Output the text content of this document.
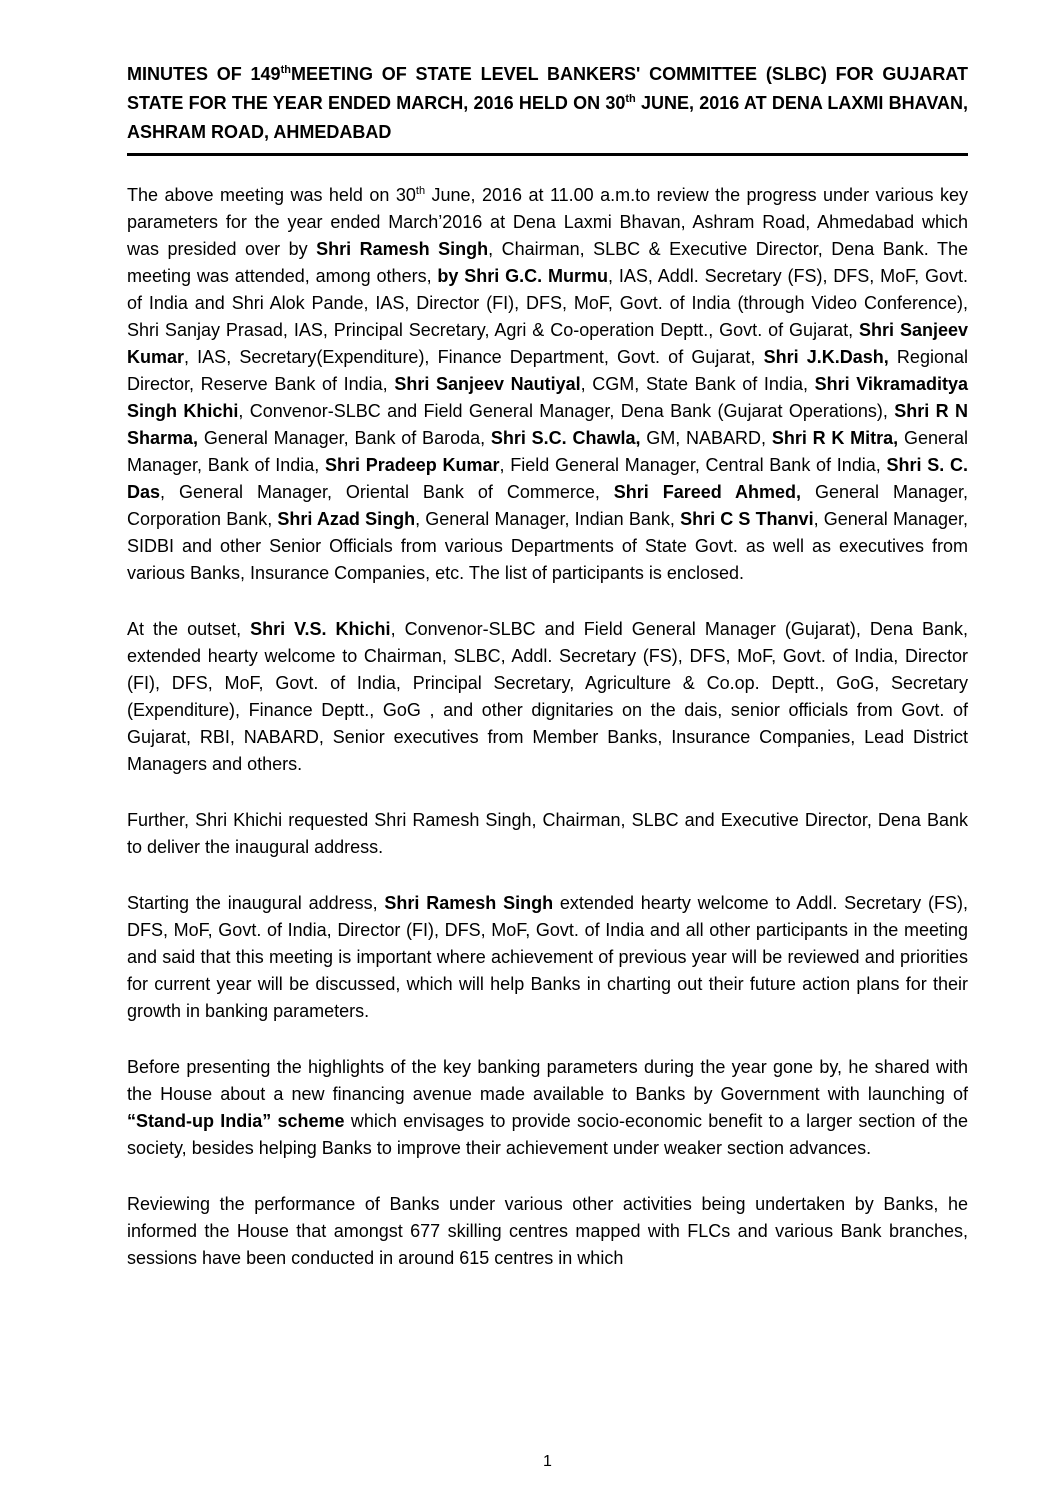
MINUTES OF 149thMEETING OF STATE LEVEL BANKERS' COMMITTEE (SLBC) FOR GUJARAT STATE FOR THE YEAR ENDED MARCH, 2016 HELD ON 30th JUNE, 2016 AT DENA LAXMI BHAVAN, ASHRAM ROAD, AHMEDABAD

The above meeting was held on 30th June, 2016 at 11.00 a.m.to review the progress under various key parameters for the year ended March’2016 at Dena Laxmi Bhavan, Ashram Road, Ahmedabad which was presided over by Shri Ramesh Singh, Chairman, SLBC & Executive Director, Dena Bank. The meeting was attended, among others, by Shri G.C. Murmu, IAS, Addl. Secretary (FS), DFS, MoF, Govt. of India and Shri Alok Pande, IAS, Director (FI), DFS, MoF, Govt. of India (through Video Conference), Shri Sanjay Prasad, IAS, Principal Secretary, Agri & Co-operation Deptt., Govt. of Gujarat, Shri Sanjeev Kumar, IAS, Secretary(Expenditure), Finance Department, Govt. of Gujarat, Shri J.K.Dash, Regional Director, Reserve Bank of India, Shri Sanjeev Nautiyal, CGM, State Bank of India, Shri Vikramaditya Singh Khichi, Convenor-SLBC and Field General Manager, Dena Bank (Gujarat Operations), Shri R N Sharma, General Manager, Bank of Baroda, Shri S.C. Chawla, GM, NABARD, Shri R K Mitra, General Manager, Bank of India, Shri Pradeep Kumar, Field General Manager, Central Bank of India, Shri S. C. Das, General Manager, Oriental Bank of Commerce, Shri Fareed Ahmed, General Manager, Corporation Bank, Shri Azad Singh, General Manager, Indian Bank, Shri C S Thanvi, General Manager, SIDBI and other Senior Officials from various Departments of State Govt. as well as executives from various Banks, Insurance Companies, etc. The list of participants is enclosed.

At the outset, Shri V.S. Khichi, Convenor-SLBC and Field General Manager (Gujarat), Dena Bank, extended hearty welcome to Chairman, SLBC, Addl. Secretary (FS), DFS, MoF, Govt. of India, Director (FI), DFS, MoF, Govt. of India, Principal Secretary, Agriculture & Co.op. Deptt., GoG, Secretary (Expenditure), Finance Deptt., GoG , and other dignitaries on the dais, senior officials from Govt. of Gujarat, RBI, NABARD, Senior executives from Member Banks, Insurance Companies, Lead District Managers and others.

Further, Shri Khichi requested Shri Ramesh Singh, Chairman, SLBC and Executive Director, Dena Bank to deliver the inaugural address.

Starting the inaugural address, Shri Ramesh Singh extended hearty welcome to Addl. Secretary (FS), DFS, MoF, Govt. of India, Director (FI), DFS, MoF, Govt. of India and all other participants in the meeting and said that this meeting is important where achievement of previous year will be reviewed and priorities for current year will be discussed, which will help Banks in charting out their future action plans for their growth in banking parameters.

Before presenting the highlights of the key banking parameters during the year gone by, he shared with the House about a new financing avenue made available to Banks by Government with launching of “Stand-up India” scheme which envisages to provide socio-economic benefit to a larger section of the society, besides helping Banks to improve their achievement under weaker section advances.

Reviewing the performance of Banks under various other activities being undertaken by Banks, he informed the House that amongst 677 skilling centres mapped with FLCs and various Bank branches, sessions have been conducted in around 615 centres in which

1
